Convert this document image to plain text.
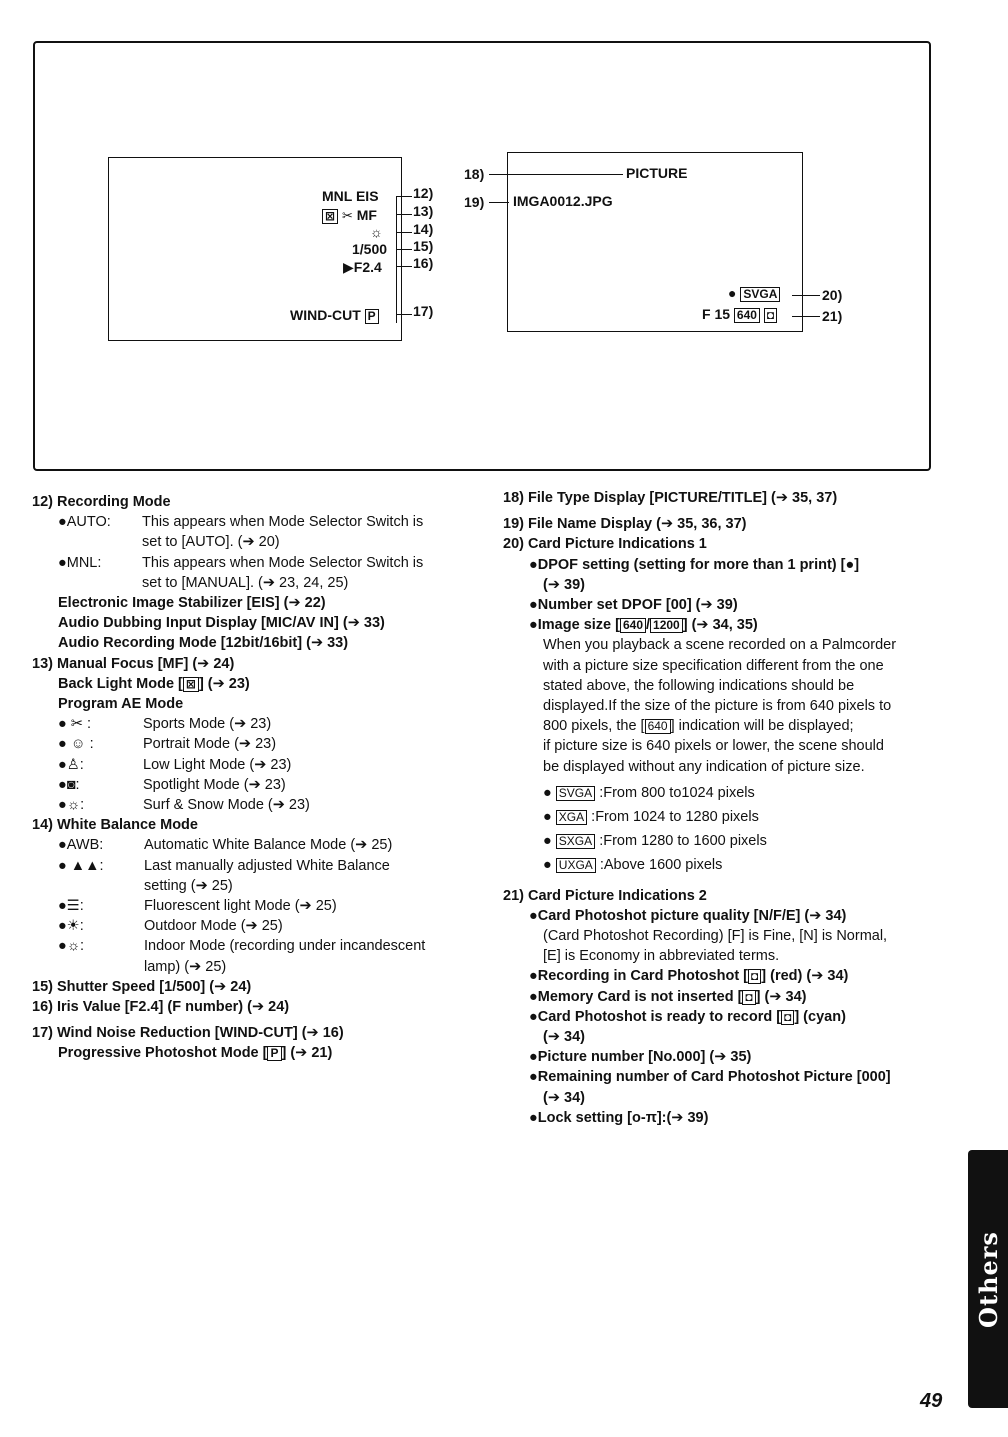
MNL EIS
⊠ ✂ MF
☼
1/500
▶F2.4
WIND-CUT P
12)
13)
14)
15)
16)
17)
18)
19)
PICTURE
IMGA0012.JPG
● SVGA
F 15 640 ◘
20)
21)
12) Recording Mode
●AUTO:	This appears when Mode Selector Switch is
set to [AUTO]. (➔ 20)
●MNL:	This appears when Mode Selector Switch is
set to [MANUAL]. (➔ 23, 24, 25)
Electronic Image Stabilizer [EIS] (➔ 22)
Audio Dubbing Input Display [MIC/AV IN] (➔ 33)
Audio Recording Mode [12bit/16bit] (➔ 33)
13) Manual Focus [MF] (➔ 24)
Back Light Mode [ ⊠ ] (➔ 23)
Program AE Mode
● ✂ :	Sports Mode (➔ 23)
● ☺ :	Portrait Mode (➔ 23)
●♙:	Low Light Mode (➔ 23)
●◙:	Spotlight Mode (➔ 23)
●☼:	Surf & Snow Mode (➔ 23)
14) White Balance Mode
●AWB:	Automatic White Balance Mode (➔ 25)
● ▲▲:	Last manually adjusted White Balance
setting (➔ 25)
●☰:	Fluorescent light Mode (➔ 25)
●☀:	Outdoor Mode (➔ 25)
●☼:	Indoor Mode (recording under incandescent
lamp) (➔ 25)
15) Shutter Speed [1/500] (➔ 24)
16) Iris Value [F2.4] (F number) (➔ 24)
17) Wind Noise Reduction [WIND-CUT] (➔ 16)
Progressive Photoshot Mode [ P ] (➔ 21)
18) File Type Display [PICTURE/TITLE] (➔ 35, 37)
19) File Name Display (➔ 35, 36, 37)
20) Card Picture Indications 1
●DPOF setting (setting for more than 1 print) [●]
(➔ 39)
●Number set DPOF [00] (➔ 39)
●Image size [ 640 / 1200 ] (➔ 34, 35)
When you playback a scene recorded on a Palmcorder
with a picture size specification different from the one
stated above, the following indications should be
displayed.If the size of the picture is from 640 pixels to
800 pixels, the [ 640 ] indication will be displayed;
if picture size is 640 pixels or lower, the scene should
be displayed without any indication of picture size.
● SVGA :From 800 to1024 pixels
● XGA :From 1024 to 1280 pixels
● SXGA :From 1280 to 1600 pixels
● UXGA :Above 1600 pixels
21) Card Picture Indications 2
●Card Photoshot picture quality [N/F/E] (➔ 34)
(Card Photoshot Recording) [F] is Fine, [N] is Normal,
[E] is Economy in abbreviated terms.
●Recording in Card Photoshot [ ◘ ] (red) (➔ 34)
●Memory Card is not inserted [ ◘ ] (➔ 34)
●Card Photoshot is ready to record [ ◘ ] (cyan)
(➔ 34)
●Picture number [No.000] (➔ 35)
●Remaining number of Card Photoshot Picture [000]
(➔ 34)
●Lock setting [o-π]:(➔ 39)
Others
49
